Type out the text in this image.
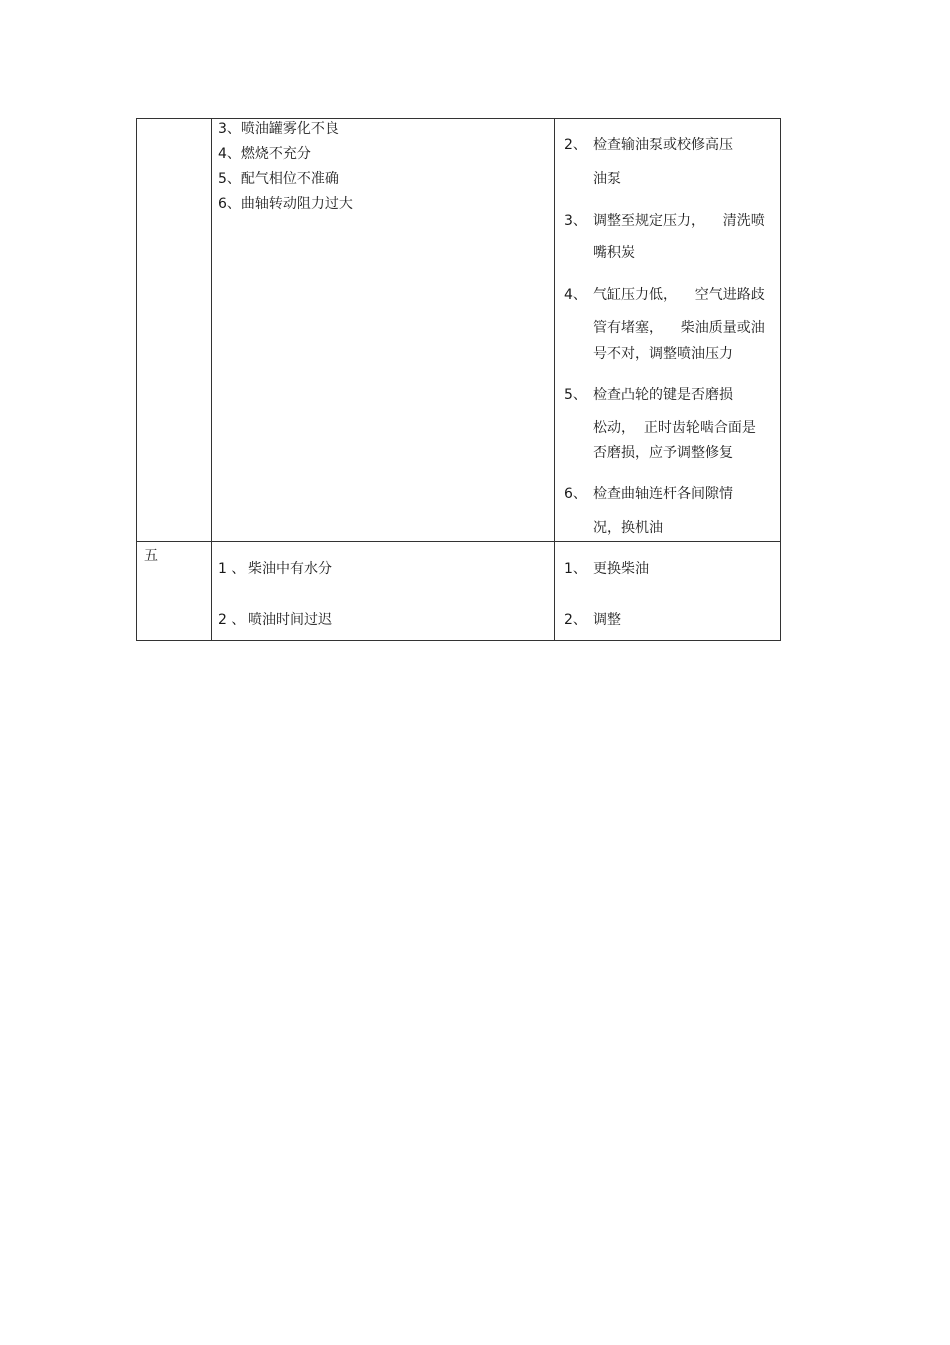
3、喷油罐雾化不良
4、燃烧不充分
5、配气相位不准确
6、曲轴转动阻力过大
2、 检查输油泵或校修高压
油泵
3、 调整至规定压力，    清洗喷
嘴积炭
4、 气缸压力低，    空气进路歧
管有堵塞，    柴油质量或油
号不对，调整喷油压力
5、 检查凸轮的键是否磨损
松动，  正时齿轮啮合面是
否磨损，应予调整修复
6、 检查曲轴连杆各间隙情
况，换机油
五
1 、 柴油中有水分
2 、 喷油时间过迟
1、 更换柴油
2、 调整
